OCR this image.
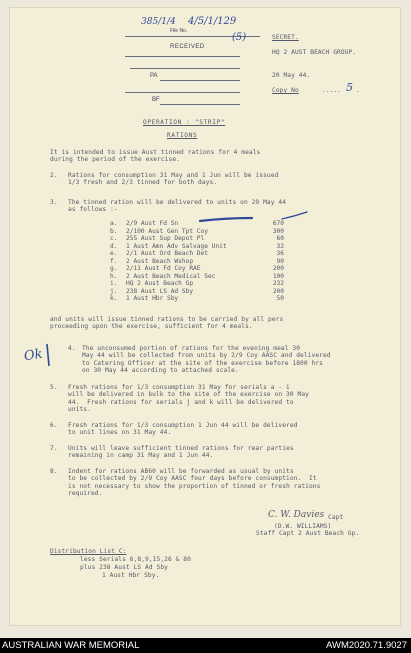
385/1/4
File No.
4/5/1/129
RECEIVED
(5)
PA
BF
SECRET.
HQ 2 AUST BEACH GROUP.
20 May 44.
Copy No	..... 5 .
OPERATION : "STRIP"
RATIONS
It is intended to issue Aust tinned rations for 4 meals
during the period of the exercise.
2. Rations for consumption 31 May and 1 Jun will be issued
1/3 fresh and 2/3 tinned for both days.
3. The tinned ration will be delivered to units on 29 May 44
as follows :-
a. 2/9 Aust Fd Sn	670
b. 2/100 Aust Gen Tpt Coy	300
c. 255 Aust Sup Depot Pl	60
d. 1 Aust Amn Adv Salvage Unit	32
e. 2/1 Aust Ord Beach Det	36
f. 2 Aust Beach Wshop	90
g. 2/11 Aust Fd Coy RAE	200
h. 2 Aust Beach Medical Sec	100
i. HQ 2 Aust Beach Gp	232
j. 238 Aust LS Ad Sby	200
k. 1 Aust Hbr Sby	50
and units will issue tinned rations to be carried by all pers
proceeding upon the exercise, sufficient for 4 meals.
Ok	4. The unconsumed portion of rations for the evening meal 30
May 44 will be collected from units by 2/9 Coy AASC and delivered
to Catering Officer at the site of the exercise before 1800 hrs
on 30 May 44 according to attached scale.
5. Fresh rations for 1/3 consumption 31 May for serials a - i
will be delivered in bulk to the site of the exercise on 30 May
44.  Fresh rations for serials j and k will be delivered to
units.
6. Fresh rations for 1/3 consumption 1 Jun 44 will be delivered
to unit lines on 31 May 44.
7. Units will leave sufficient tinned rations for rear parties
remaining in camp 31 May and 1 Jun 44.
8. Indent for rations AB60 will be forwarded as usual by units
to be collected by 2/9 Coy AASC four days before consumption.  It
is not necessary to show the proportion of tinned or fresh rations
required.
C. W. Davies Capt
(D.W. WILLIAMS)
Staff Capt 2 Aust Beach Gp.
Distribution List C:
less Serials 6,8,9,15,26 & 80
plus 238 Aust LS Ad Sby
1 Aust Hbr Sby.
AUSTRALIAN WAR MEMORIAL	AWM2020.71.9027
